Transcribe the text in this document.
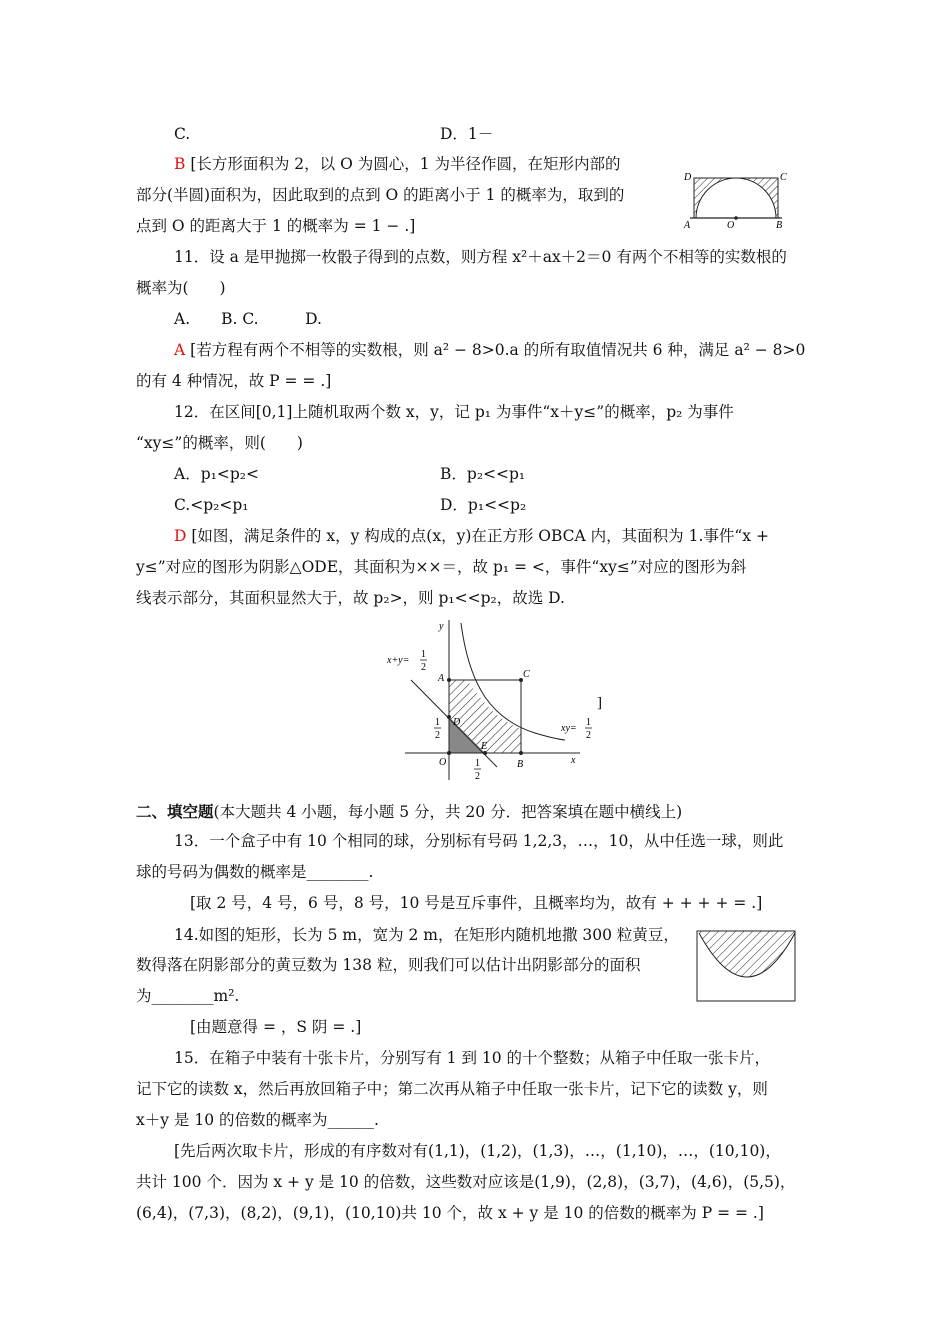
C.	D．1－
B [长方形面积为 2，以 O 为圆心，1 为半径作圆，在矩形内部的
部分(半圆)面积为，因此取到的点到 O 的距离小于 1 的概率为，取到的
点到 O 的距离大于 1 的概率为 = 1 − .]
D	C
A	O	B
11．设 a 是甲抛掷一枚骰子得到的点数，则方程 x²＋ax＋2＝0 有两个不相等的实数根的
概率为(　　)
A.　　B. C.　　　D.
A [若方程有两个不相等的实数根，则 a² − 8>0.a 的所有取值情况共 6 种，满足 a² − 8>0
的有 4 种情况，故 P = = .]
12．在区间[0,1]上随机取两个数 x，y，记 p₁ 为事件“x＋y≤”的概率，p₂ 为事件
“xy≤”的概率，则(　　)
A．p₁<p₂<	B．p₂<<p₁
C.<p₂<p₁	D．p₁<<p₂
D [如图，满足条件的 x，y 构成的点(x，y)在正方形 OBCA 内，其面积为 1.事件“x +
y≤”对应的图形为阴影△ODE，其面积为××＝，故 p₁ = <，事件“xy≤”对应的图形为斜
线表示部分，其面积显然大于，故 p₂>，则 p₁<<p₂，故选 D.
y
x
x+y=
1
2
A	C
D
1
2
E
O	1
2
B
xy=
1
2
]
二、填空题(本大题共 4 小题，每小题 5 分，共 20 分．把答案填在题中横线上)
13．一个盒子中有 10 个相同的球，分别标有号码 1,2,3，…，10，从中任选一球，则此
球的号码为偶数的概率是________.
[取 2 号，4 号，6 号，8 号，10 号是互斥事件，且概率均为，故有 + + + + = .]
14.如图的矩形，长为 5 m，宽为 2 m，在矩形内随机地撒 300 粒黄豆，
数得落在阴影部分的黄豆数为 138 粒，则我们可以估计出阴影部分的面积
为________m².
[由题意得 = ，S 阴 = .]
15．在箱子中装有十张卡片，分别写有 1 到 10 的十个整数；从箱子中任取一张卡片，
记下它的读数 x，然后再放回箱子中；第二次再从箱子中任取一张卡片，记下它的读数 y，则
x＋y 是 10 的倍数的概率为______.
[先后两次取卡片，形成的有序数对有(1,1)，(1,2)，(1,3)，…，(1,10)，…，(10,10)，
共计 100 个．因为 x + y 是 10 的倍数，这些数对应该是(1,9)，(2,8)，(3,7)，(4,6)，(5,5)，
(6,4)，(7,3)，(8,2)，(9,1)，(10,10)共 10 个，故 x + y 是 10 的倍数的概率为 P = = .]
